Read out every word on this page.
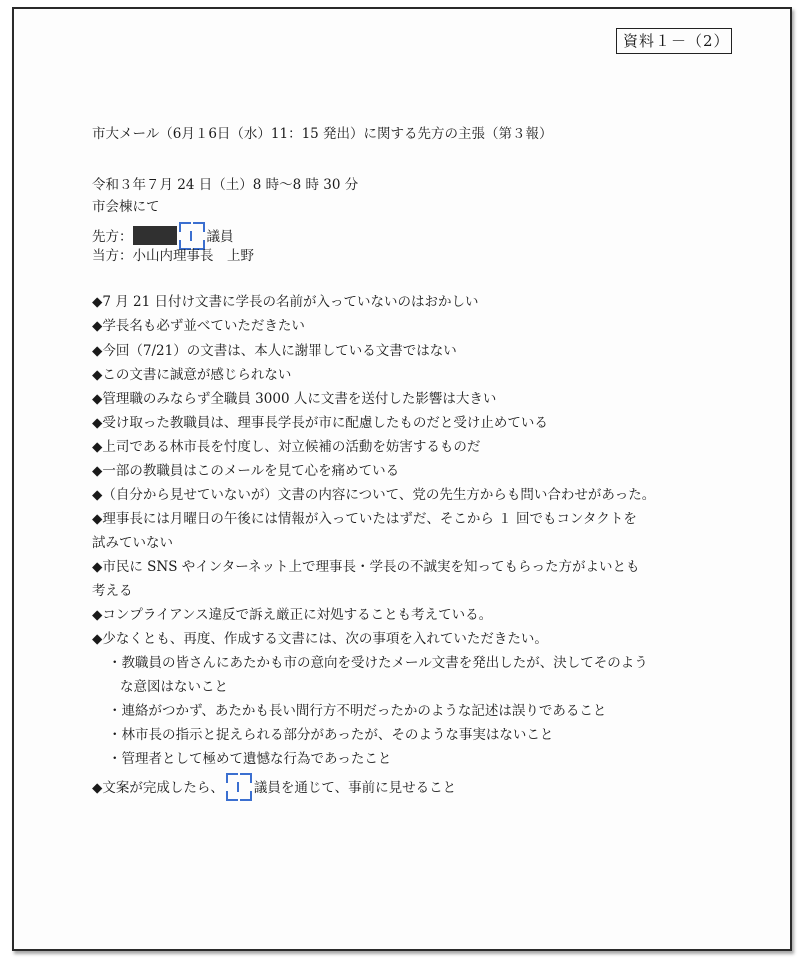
資料１－（2）
市大メール（6月１6日（水）11：15 発出）に関する先方の主張（第３報）
令和３年７月 24 日（土）8 時～8 時 30 分
市会棟にて
先方：	議員
当方：小山内理事長　上野
◆7 月 21 日付け文書に学長の名前が入っていないのはおかしい
◆学長名も必ず並べていただきたい
◆今回（7/21）の文書は、本人に謝罪している文書ではない
◆この文書に誠意が感じられない
◆管理職のみならず全職員 3000 人に文書を送付した影響は大きい
◆受け取った教職員は、理事長学長が市に配慮したものだと受け止めている
◆上司である林市長を忖度し、対立候補の活動を妨害するものだ
◆一部の教職員はこのメールを見て心を痛めている
◆（自分から見せていないが）文書の内容について、党の先生方からも問い合わせがあった。
◆理事長には月曜日の午後には情報が入っていたはずだ、そこから １ 回でもコンタクトを
試みていない
◆市民に SNS やインターネット上で理事長・学長の不誠実を知ってもらった方がよいとも
考える
◆コンプライアンス違反で訴え厳正に対処することも考えている。
◆少なくとも、再度、作成する文書には、次の事項を入れていただきたい。
・教職員の皆さんにあたかも市の意向を受けたメール文書を発出したが、決してそのよう
な意図はないこと
・連絡がつかず、あたかも長い間行方不明だったかのような記述は誤りであること
・林市長の指示と捉えられる部分があったが、そのような事実はないこと
・管理者として極めて遺憾な行為であったこと
◆文案が完成したら、 議員を通じて、事前に見せること
